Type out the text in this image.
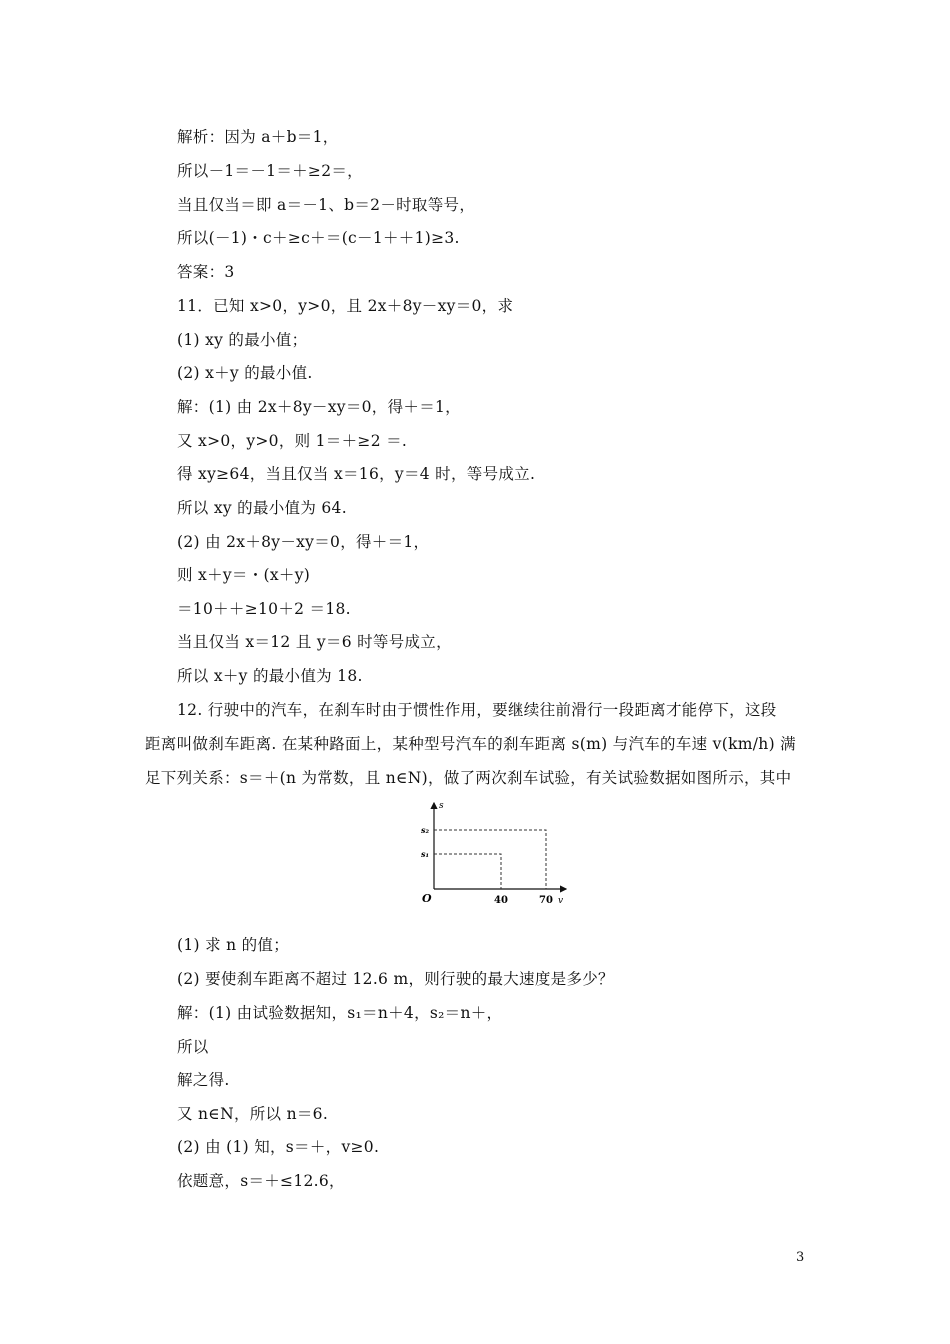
解析：因为 a＋b＝1，
所以－1＝－1＝＋≥2＝，
当且仅当＝即 a＝－1、b＝2－时取等号，
所以(－1)・c＋≥c＋＝(c－1＋＋1)≥3.
答案：3
11．已知 x>0，y>0，且 2x＋8y－xy＝0，求
(1) xy 的最小值；
(2) x＋y 的最小值.
解：(1) 由 2x＋8y－xy＝0，得＋＝1，
又 x>0，y>0，则 1＝＋≥2 ＝.
得 xy≥64，当且仅当 x＝16，y＝4 时，等号成立.
所以 xy 的最小值为 64.
(2) 由 2x＋8y－xy＝0，得＋＝1，
则 x＋y＝・(x＋y)
＝10＋＋≥10＋2 ＝18.
当且仅当 x＝12 且 y＝6 时等号成立，
所以 x＋y 的最小值为 18.
12. 行驶中的汽车，在刹车时由于惯性作用，要继续往前滑行一段距离才能停下，这段
距离叫做刹车距离. 在某种路面上，某种型号汽车的刹车距离 s(m) 与汽车的车速 v(km/h) 满
足下列关系：s＝＋(n 为常数，且 n∈N)，做了两次刹车试验，有关试验数据如图所示，其中
s
v
O
s₂
s₁
40	70
(1) 求 n 的值；
(2) 要使刹车距离不超过 12.6 m，则行驶的最大速度是多少？
解：(1) 由试验数据知，s₁＝n＋4，s₂＝n＋，
所以
解之得.
又 n∈N，所以 n＝6.
(2) 由 (1) 知，s＝＋，v≥0.
依题意，s＝＋≤12.6，
3
